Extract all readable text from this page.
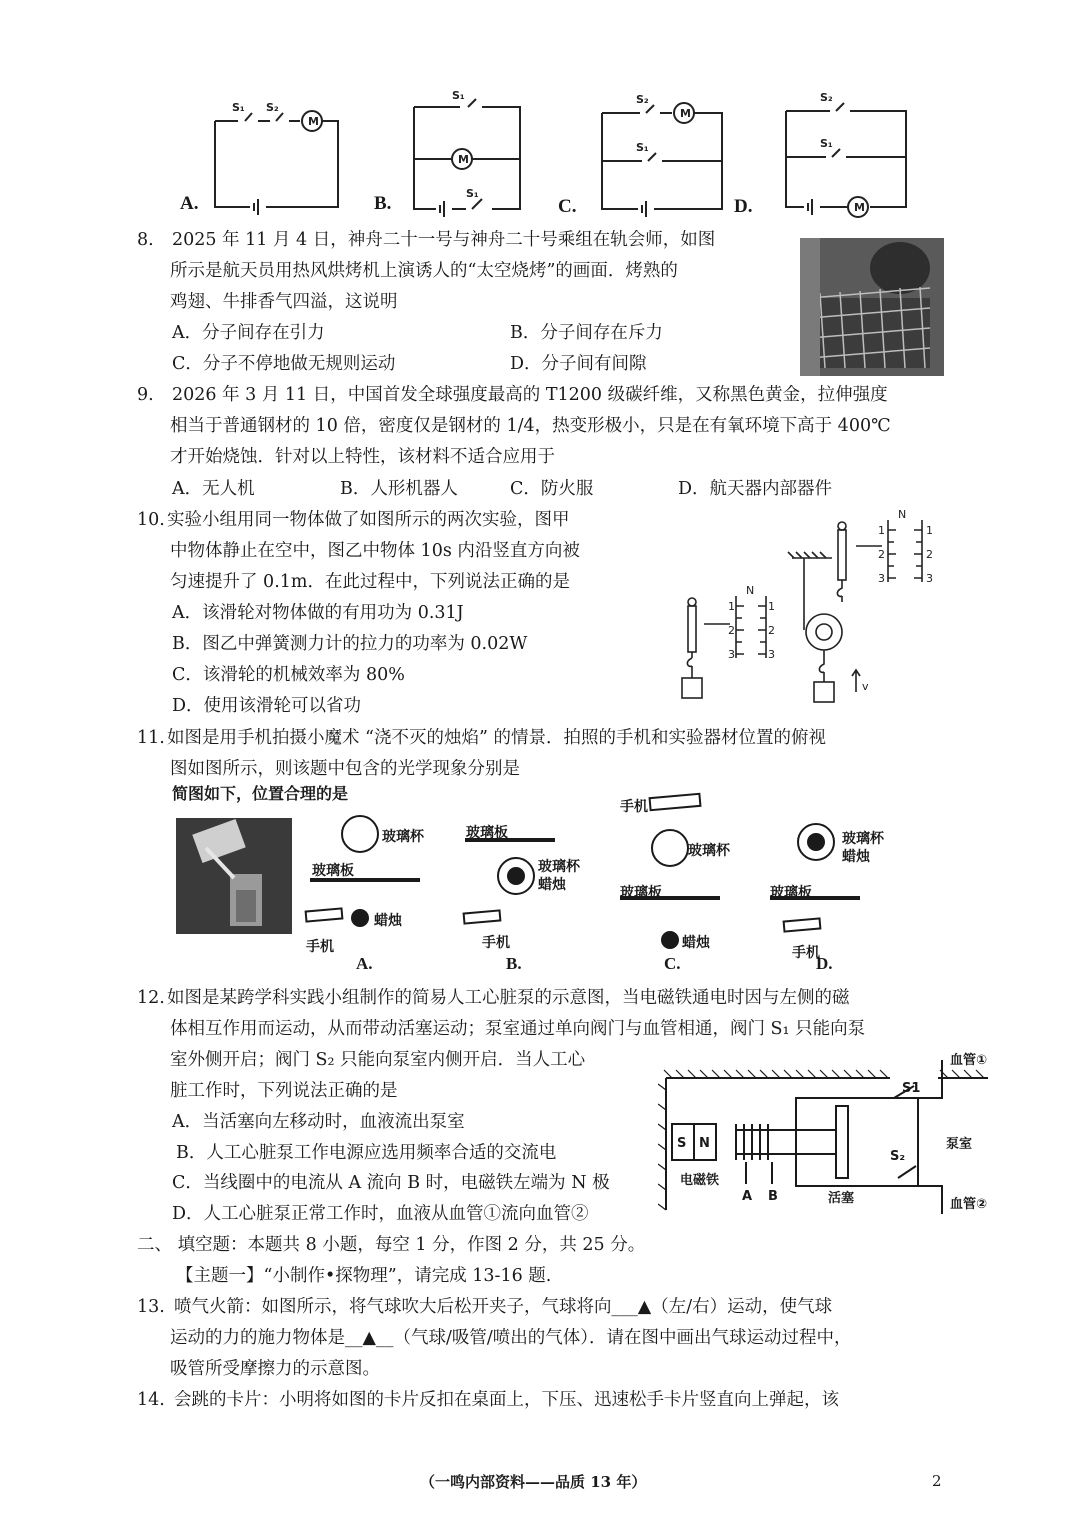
M
M
M
M
S₁ S₂
S₁
S₁
S₂
S₁
S₂
S₁
A.	B.	C.	D.
8. 2025 年 11 月 4 日，神舟二十一号与神舟二十号乘组在轨会师，如图
所示是航天员用热风烘烤机上演诱人的“太空烧烤”的画面．烤熟的
鸡翅、牛排香气四溢，这说明
A．分子间存在引力	B．分子间存在斥力
C．分子不停地做无规则运动	D．分子间有间隙
9. 2026 年 3 月 11 日，中国首发全球强度最高的 T1200 级碳纤维，又称黑色黄金，拉伸强度
相当于普通钢材的 10 倍，密度仅是钢材的 1/4，热变形极小，只是在有氧环境下高于 400℃
才开始烧蚀．针对以上特性，该材料不适合应用于
A．无人机	B．人形机器人	C．防火服	D．航天器内部器件
10. 实验小组用同一物体做了如图所示的两次实验，图甲
中物体静止在空中，图乙中物体 10s 内沿竖直方向被
匀速提升了 0.1m．在此过程中，下列说法正确的是
A．该滑轮对物体做的有用功为 0.31J
B．图乙中弹簧测力计的拉力的功率为 0.02W
C．该滑轮的机械效率为 80%
D．使用该滑轮可以省功
N
1
2
3
1
2
3
N
1
2
3
1
2
3
v
11. 如图是用手机拍摄小魔术 “浇不灭的烛焰” 的情景．拍照的手机和实验器材位置的俯视
图如图所示，则该题中包含的光学现象分别是
简图如下，位置合理的是
玻璃杯
玻璃板
蜡烛
手机
玻璃板
玻璃杯
蜡烛
手机
手机
玻璃杯
玻璃板
蜡烛
玻璃杯
蜡烛
玻璃板
手机
A.	B.	C.	D.
12. 如图是某跨学科实践小组制作的简易人工心脏泵的示意图，当电磁铁通电时因与左侧的磁
体相互作用而运动，从而带动活塞运动；泵室通过单向阀门与血管相通，阀门 S₁ 只能向泵
室外侧开启；阀门 S₂ 只能向泵室内侧开启．当人工心
脏工作时，下列说法正确的是
A．当活塞向左移动时，血液流出泵室
B．人工心脏泵工作电源应选用频率合适的交流电
C．当线圈中的电流从 A 流向 B 时，电磁铁左端为 N 极
D．人工心脏泵正常工作时，血液从血管①流向血管②
S N
S1
S₂
血管①
血管②
泵室
电磁铁
A B	活塞
二、 填空题：本题共 8 小题，每空 1 分，作图 2 分，共 25 分。
【主题一】“小制作•探物理”，请完成 13-16 题.
13. 喷气火箭：如图所示，将气球吹大后松开夹子，气球将向___▲（左/右）运动，使气球
运动的力的施力物体是__▲__（气球/吸管/喷出的气体）．请在图中画出气球运动过程中，
吸管所受摩擦力的示意图。
14. 会跳的卡片：小明将如图的卡片反扣在桌面上，下压、迅速松手卡片竖直向上弹起，该
（一鸣内部资料——品质 13 年）	2
